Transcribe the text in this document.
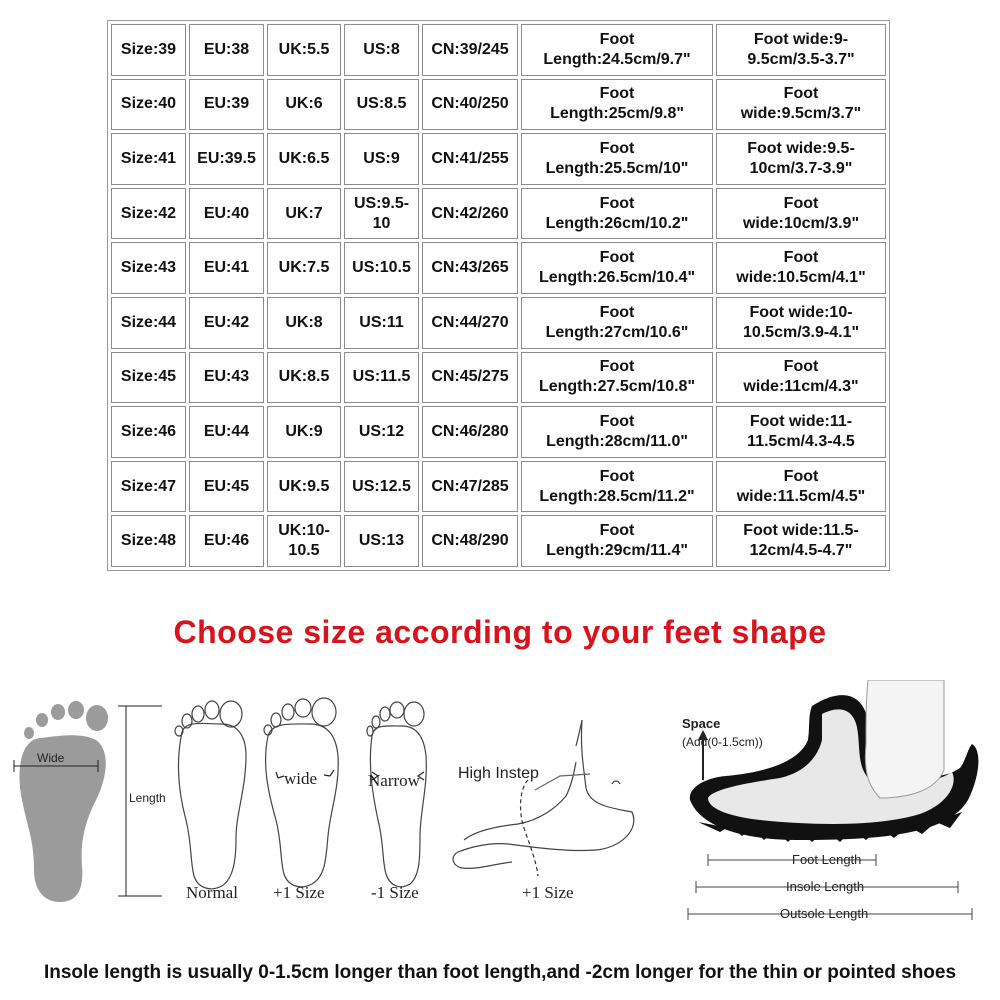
Size:39	EU:38	UK:5.5	US:8	CN:39/245	Foot
Length:24.5cm/9.7"	Foot wide:9-
9.5cm/3.5-3.7"

Size:40	EU:39	UK:6	US:8.5	CN:40/250	Foot
Length:25cm/9.8"	Foot
wide:9.5cm/3.7"

Size:41	EU:39.5	UK:6.5	US:9	CN:41/255	Foot
Length:25.5cm/10"	Foot wide:9.5-
10cm/3.7-3.9"

Size:42	EU:40	UK:7	US:9.5-
10	CN:42/260	Foot
Length:26cm/10.2"	Foot
wide:10cm/3.9"

Size:43	EU:41	UK:7.5	US:10.5	CN:43/265	Foot
Length:26.5cm/10.4"	Foot
wide:10.5cm/4.1"

Size:44	EU:42	UK:8	US:11	CN:44/270	Foot
Length:27cm/10.6"	Foot wide:10-
10.5cm/3.9-4.1"

Size:45	EU:43	UK:8.5	US:11.5	CN:45/275	Foot
Length:27.5cm/10.8"	Foot
wide:11cm/4.3"

Size:46	EU:44	UK:9	US:12	CN:46/280	Foot
Length:28cm/11.0"	Foot wide:11-
11.5cm/4.3-4.5

Size:47	EU:45	UK:9.5	US:12.5	CN:47/285	Foot
Length:28.5cm/11.2"	Foot
wide:11.5cm/4.5"

Size:48	EU:46	UK:10-
10.5	US:13	CN:48/290	Foot
Length:29cm/11.4"	Foot wide:11.5-
12cm/4.5-4.7"
Choose size according to your feet shape
Wide
Length
Normal
wide
+1 Size
Narrow
-1 Size
High Instep
+1 Size
Space
(Add(0-1.5cm))
Foot Length
Insole Length
Outsole Length
Insole length is usually 0-1.5cm longer than foot length,and -2cm longer for the thin or pointed shoes
